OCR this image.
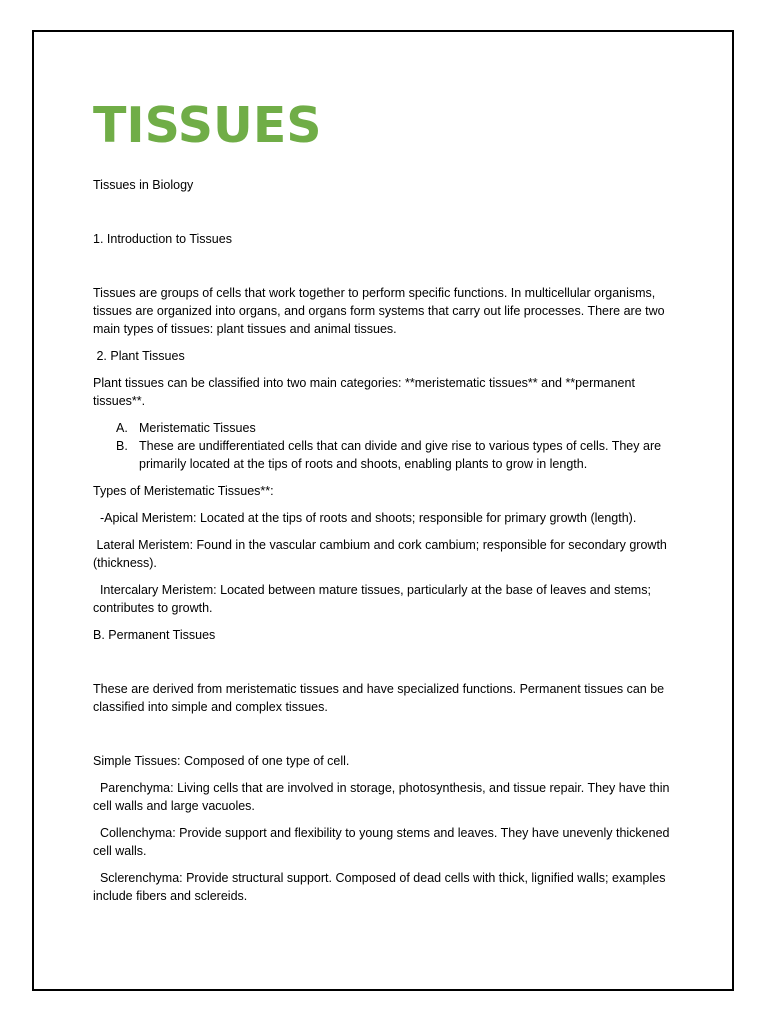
TISSUES

Tissues in Biology

1. Introduction to Tissues

Tissues are groups of cells that work together to perform specific functions. In multicellular organisms, tissues are organized into organs, and organs form systems that carry out life processes. There are two main types of tissues: plant tissues and animal tissues.

2. Plant Tissues

Plant tissues can be classified into two main categories: **meristematic tissues** and **permanent tissues**.

A. Meristematic Tissues
B. These are undifferentiated cells that can divide and give rise to various types of cells. They are primarily located at the tips of roots and shoots, enabling plants to grow in length.

Types of Meristematic Tissues**:

-Apical Meristem: Located at the tips of roots and shoots; responsible for primary growth (length).

Lateral Meristem: Found in the vascular cambium and cork cambium; responsible for secondary growth (thickness).

Intercalary Meristem: Located between mature tissues, particularly at the base of leaves and stems; contributes to growth.

B. Permanent Tissues

These are derived from meristematic tissues and have specialized functions. Permanent tissues can be classified into simple and complex tissues.

Simple Tissues: Composed of one type of cell.

Parenchyma: Living cells that are involved in storage, photosynthesis, and tissue repair. They have thin cell walls and large vacuoles.

Collenchyma: Provide support and flexibility to young stems and leaves. They have unevenly thickened cell walls.

Sclerenchyma: Provide structural support. Composed of dead cells with thick, lignified walls; examples include fibers and sclereids.
